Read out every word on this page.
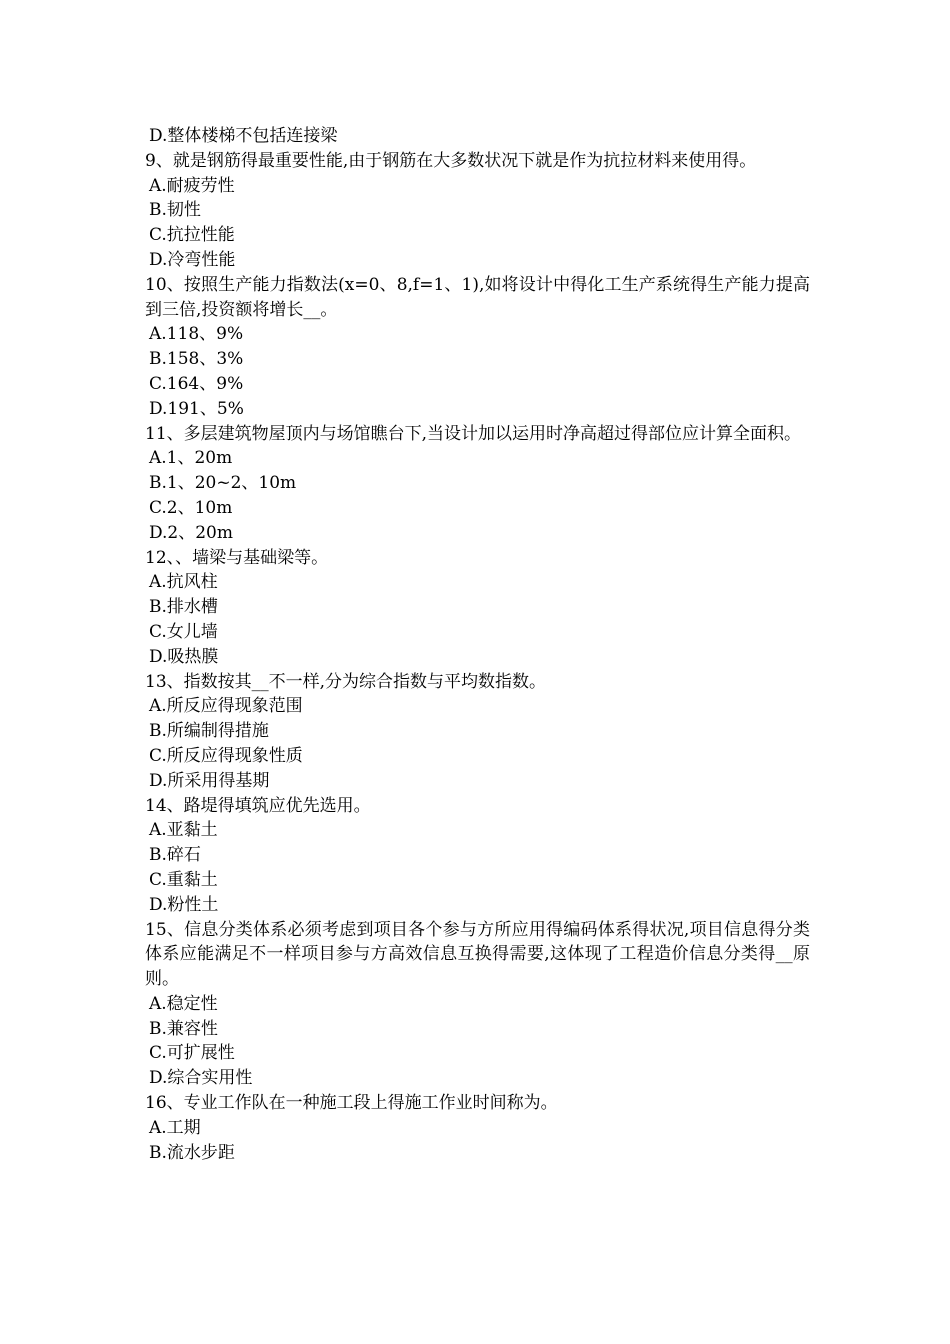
D.整体楼梯不包括连接梁

9、就是钢筋得最重要性能,由于钢筋在大多数状况下就是作为抗拉材料来使用得。

A.耐疲劳性

B.韧性

C.抗拉性能

D.冷弯性能

10、按照生产能力指数法(x=0、8,f=1、1),如将设计中得化工生产系统得生产能力提高到三倍,投资额将增长__。

A.118、9%

B.158、3%

C.164、9%

D.191、5%

11、多层建筑物屋顶内与场馆瞧台下,当设计加以运用时净高超过得部位应计算全面积。

A.1、20m

B.1、20~2、10m

C.2、10m

D.2、20m

12、、墙梁与基础梁等。

A.抗风柱

B.排水槽

C.女儿墙

D.吸热膜

13、指数按其__不一样,分为综合指数与平均数指数。

A.所反应得现象范围

B.所编制得措施

C.所反应得现象性质

D.所采用得基期

14、路堤得填筑应优先选用。

A.亚黏土

B.碎石

C.重黏土

D.粉性土

15、信息分类体系必须考虑到项目各个参与方所应用得编码体系得状况,项目信息得分类体系应能满足不一样项目参与方高效信息互换得需要,这体现了工程造价信息分类得__原则。

A.稳定性

B.兼容性

C.可扩展性

D.综合实用性

16、专业工作队在一种施工段上得施工作业时间称为。

A.工期

B.流水步距
